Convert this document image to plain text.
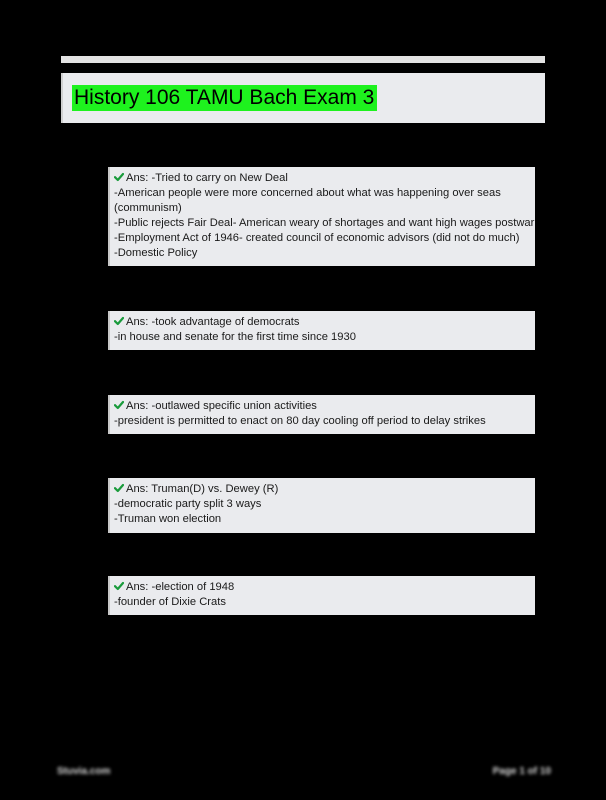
History 106 TAMU Bach Exam 3
Ans: -Tried to carry on New Deal
-American people were more concerned about what was happening over seas (communism)
-Public rejects Fair Deal- American weary of shortages and want high wages postwar
-Employment Act of 1946- created council of economic advisors (did not do much)
-Domestic Policy
Ans: -took advantage of democrats
-in house and senate for the first time since 1930
Ans: -outlawed specific union activities
-president is permitted to enact on 80 day cooling off period to delay strikes
Ans: Truman(D) vs. Dewey (R)
-democratic party split 3 ways
-Truman won election
Ans: -election of 1948
-founder of Dixie Crats
Stuvia.com	Page 1 of 10
